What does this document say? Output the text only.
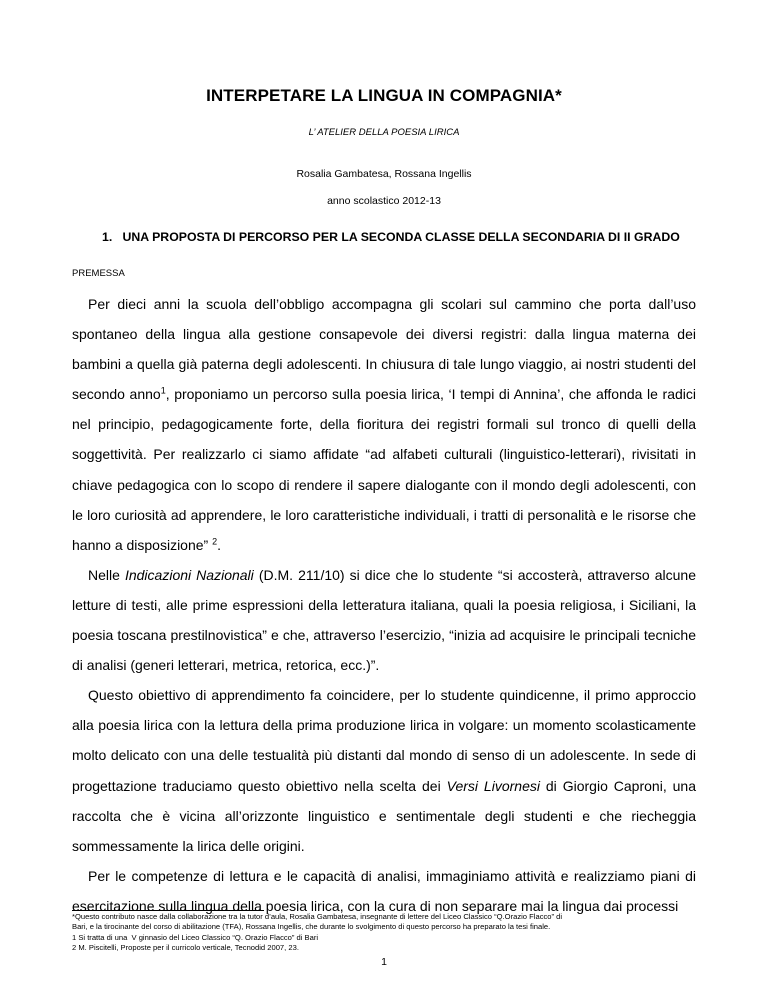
INTERPETARE LA LINGUA IN COMPAGNIA*
L’ ATELIER DELLA POESIA LIRICA
Rosalia Gambatesa, Rossana Ingellis
anno scolastico 2012-13
1.   UNA PROPOSTA DI PERCORSO PER LA SECONDA CLASSE DELLA SECONDARIA DI II GRADO
PREMESSA

Per dieci anni la scuola dell’obbligo accompagna gli scolari sul cammino che porta dall’uso spontaneo della lingua alla gestione consapevole dei diversi registri: dalla lingua materna dei bambini a quella già paterna degli adolescenti. In chiusura di tale lungo viaggio, ai nostri studenti del secondo anno$^1$, proponiamo un percorso sulla poesia lirica, ‘I tempi di Annina’, che affonda le radici nel principio, pedagogicamente forte, della fioritura dei registri formali sul tronco di quelli della soggettività. Per realizzarlo ci siamo affidate “ad alfabeti culturali (linguistico-letterari), rivisitati in chiave pedagogica con lo scopo di rendere il sapere dialogante con il mondo degli adolescenti, con le loro curiosità ad apprendere, le loro caratteristiche individuali, i tratti di personalità e le risorse che hanno a disposizione” $^2$.

Nelle Indicazioni Nazionali (D.M. 211/10) si dice che lo studente “si accosterà, attraverso alcune letture di testi, alle prime espressioni della letteratura italiana, quali la poesia religiosa, i Siciliani, la poesia toscana prestilnovistica” e che, attraverso l’esercizio, “inizia ad acquisire le principali tecniche di analisi (generi letterari, metrica, retorica, ecc.)”.

Questo obiettivo di apprendimento fa coincidere, per lo studente quindicenne, il primo approccio alla poesia lirica con la lettura della prima produzione lirica in volgare: un momento scolasticamente molto delicato con una delle testualità più distanti dal mondo di senso di un adolescente. In sede di progettazione traduciamo questo obiettivo nella scelta dei Versi Livornesi di Giorgio Caproni, una raccolta che è vicina all’orizzonte linguistico e sentimentale degli studenti e che riecheggia sommessamente la lirica delle origini.

Per le competenze di lettura e le capacità di analisi, immaginiamo attività e realizziamo piani di esercitazione sulla lingua della poesia lirica, con la cura di non separare mai la lingua dai processi

*Questo contributo nasce dalla collaborazione tra la tutor d’aula, Rosalia Gambatesa, insegnante di lettere del Liceo Classico “Q.Orazio Flacco” di
Bari, e la tirocinante del corso di abilitazione (TFA), Rossana Ingellis, che durante lo svolgimento di questo percorso ha preparato la tesi finale.
1 Si tratta di una  V ginnasio del Liceo Classico “Q. Orazio Flacco” di Bari
2 M. Piscitelli, Proposte per il curricolo verticale, Tecnodid 2007, 23.
1
